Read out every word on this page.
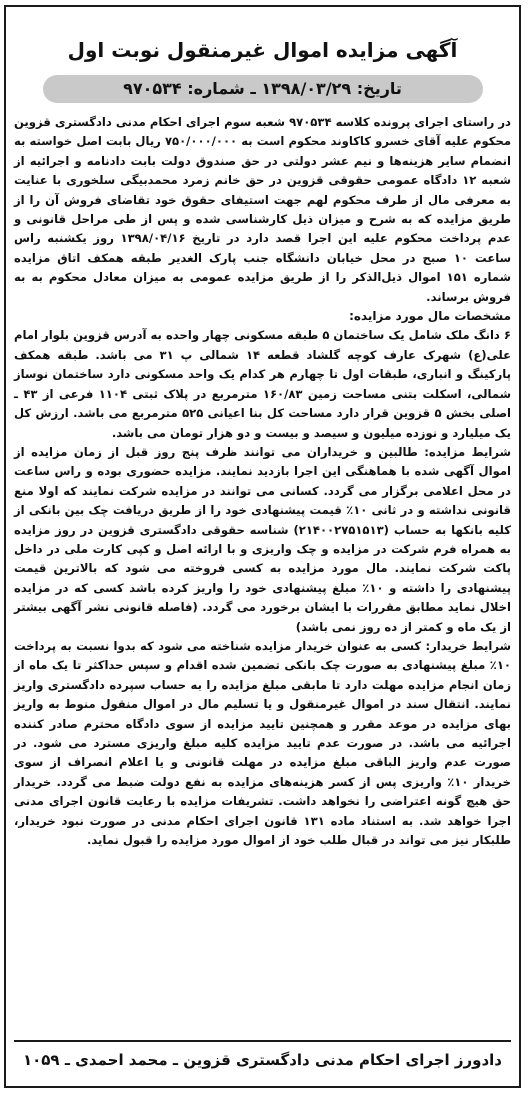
آگهی مزایده اموال غیرمنقول نوبت اول
تاریخ: ۱۳۹۸/۰۳/۲۹ ـ شماره: ۹۷۰۵۳۴

در راستای اجرای پرونده کلاسه ۹۷۰۵۳۴ شعبه سوم اجرای احکام مدنی دادگستری قزوین محکوم علیه آقای خسرو کاکاوند محکوم است به ۷۵۰/۰۰۰/۰۰۰ ریال بابت اصل خواسته به انضمام سایر هزینه‌ها و نیم عشر دولتی در حق صندوق دولت بابت دادنامه و اجرائیه از شعبه ۱۲ دادگاه عمومی حقوقی قزوین در حق خانم زمرد محمدبیگی سلخوری با عنایت به معرفی مال از طرف محکوم لهم جهت استیفای حقوق خود تقاضای فروش آن را از طریق مزایده که به شرح و میزان ذیل کارشناسی شده و پس از طی مراحل قانونی و عدم پرداخت محکوم علیه این اجرا قصد دارد در تاریخ ۱۳۹۸/۰۴/۱۶ روز یکشنبه راس ساعت ۱۰ صبح در محل خیابان دانشگاه جنب پارک الغدیر طبقه همکف اتاق مزایده شماره ۱۵۱ اموال ذیل‌الذکر را از طریق مزایده عمومی به میزان معادل محکوم به به فروش برساند.

مشخصات مال مورد مزایده:

۶ دانگ ملک شامل یک ساختمان ۵ طبقه مسکونی چهار واحده به آدرس قزوین بلوار امام علی(ع) شهرک عارف کوچه گلشاد قطعه ۱۴ شمالی پ ۳۱ می باشد. طبقه همکف پارکینگ و انباری، طبقات اول تا چهارم هر کدام یک واحد مسکونی دارد ساختمان نوساز شمالی، اسکلت بتنی مساحت زمین ۱۶۰/۸۳ مترمربع در پلاک ثبتی ۱۱۰۴ فرعی از ۴۳ ـ اصلی بخش ۵ قزوین قرار دارد مساحت کل بنا اعیانی ۵۲۵ مترمربع می باشد. ارزش کل یک میلیارد و نوزده میلیون و سیصد و بیست و دو هزار تومان می باشد.

شرایط مزایده: طالبین و خریداران می توانند ظرف پنج روز قبل از زمان مزایده از اموال آگهی شده با هماهنگی این اجرا بازدید نمایند. مزایده حضوری بوده و راس ساعت در محل اعلامی برگزار می گردد. کسانی می توانند در مزایده شرکت نمایند که اولا منع قانونی نداشته و در ثانی ۱۰٪ قیمت پیشنهادی خود را از طریق دریافت چک بین بانکی از کلیه بانکها به حساب (۲۱۴۰۰۲۷۵۱۵۱۳) شناسه حقوقی دادگستری قزوین در روز مزایده به همراه فرم شرکت در مزایده و چک واریزی و با ارائه اصل و کپی کارت ملی در داخل پاکت شرکت نمایند. مال مورد مزایده به کسی فروخته می شود که بالاترین قیمت پیشنهادی را داشته و ۱۰٪ مبلغ پیشنهادی خود را واریز کرده باشد کسی که در مزایده اخلال نماید مطابق مقررات با ایشان برخورد می گردد. (فاصله قانونی نشر آگهی بیشتر از یک ماه و کمتر از ده روز نمی باشد)

شرایط خریدار: کسی به عنوان خریدار مزایده شناخته می شود که بدوا نسبت به پرداخت ۱۰٪ مبلغ پیشنهادی به صورت چک بانکی تضمین شده اقدام و سپس حداکثر تا یک ماه از زمان انجام مزایده مهلت دارد تا مابقی مبلغ مزایده را به حساب سپرده دادگستری واریز نمایند. انتقال سند در اموال غیرمنقول و یا تسلیم مال در اموال منقول منوط به واریز بهای مزایده در موعد مقرر و همچنین تایید مزایده از سوی دادگاه محترم صادر کننده اجرائیه می باشد. در صورت عدم تایید مزایده کلیه مبلغ واریزی مسترد می شود. در صورت عدم واریز الباقی مبلغ مزایده در مهلت قانونی و یا اعلام انصراف از سوی خریدار ۱۰٪ واریزی پس از کسر هزینه‌های مزایده به نفع دولت ضبط می گردد. خریدار حق هیچ گونه اعتراضی را نخواهد داشت. تشریفات مزایده با رعایت قانون اجرای مدنی اجرا خواهد شد. به استناد ماده ۱۳۱ قانون اجرای احکام مدنی در صورت نبود خریدار، طلبکار نیز می تواند در قبال طلب خود از اموال مورد مزایده را قبول نماید.

دادورز اجرای احکام مدنی دادگستری قزوین ـ محمد احمدی ـ ۱۰۵۹
